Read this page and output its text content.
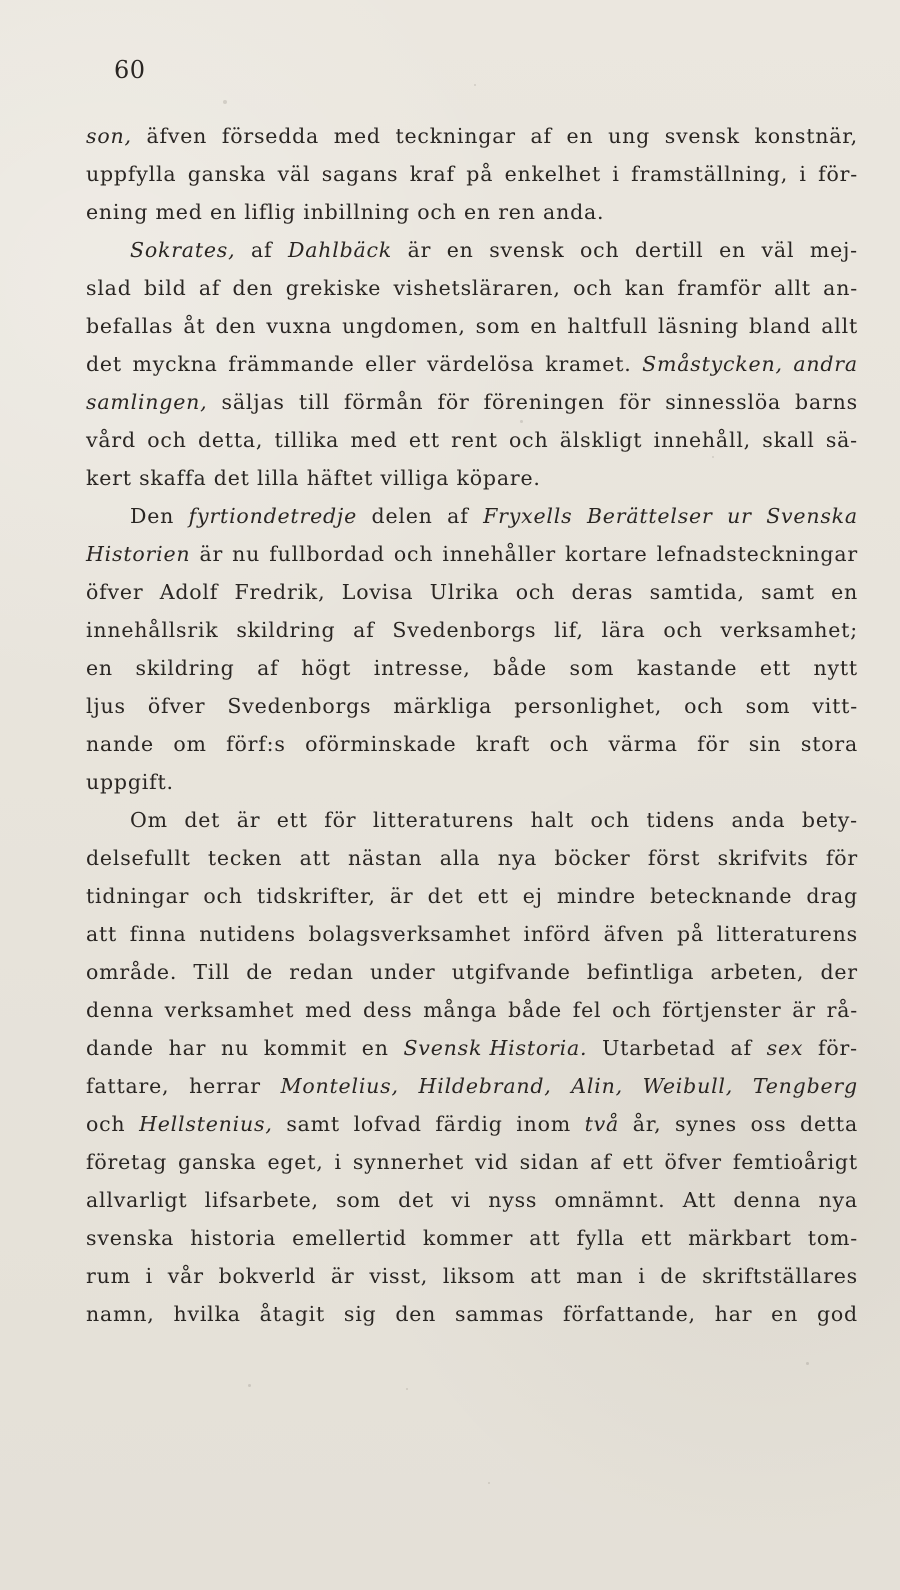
60
son, äfven försedda med teckningar af en ung svensk konstnär,
uppfylla ganska väl sagans kraf på enkelhet i framställning, i för-
ening med en liflig inbillning och en ren anda.
Sokrates, af Dahlbäck är en svensk och dertill en väl mej-
slad bild af den grekiske vishetsläraren, och kan framför allt an-
befallas åt den vuxna ungdomen, som en haltfull läsning bland allt
det myckna främmande eller värdelösa kramet. Småstycken, andra
samlingen, säljas till förmån för föreningen för sinnesslöa barns
vård och detta, tillika med ett rent och älskligt innehåll, skall sä-
kert skaffa det lilla häftet villiga köpare.
Den fyrtiondetredje delen af Fryxells Berättelser ur Svenska
Historien är nu fullbordad och innehåller kortare lefnadsteckningar
öfver Adolf Fredrik, Lovisa Ulrika och deras samtida, samt en
innehållsrik skildring af Svedenborgs lif, lära och verksamhet;
en skildring af högt intresse, både som kastande ett nytt
ljus öfver Svedenborgs märkliga personlighet, och som vitt-
nande om förf:s oförminskade kraft och värma för sin stora
uppgift.
Om det är ett för litteraturens halt och tidens anda bety-
delsefullt tecken att nästan alla nya böcker först skrifvits för
tidningar och tidskrifter, är det ett ej mindre betecknande drag
att finna nutidens bolagsverksamhet införd äfven på litteraturens
område. Till de redan under utgifvande befintliga arbeten, der
denna verksamhet med dess många både fel och förtjenster är rå-
dande har nu kommit en Svensk Historia. Utarbetad af sex för-
fattare, herrar Montelius, Hildebrand, Alin, Weibull, Tengberg
och Hellstenius, samt lofvad färdig inom två år, synes oss detta
företag ganska eget, i synnerhet vid sidan af ett öfver femtioårigt
allvarligt lifsarbete, som det vi nyss omnämnt. Att denna nya
svenska historia emellertid kommer att fylla ett märkbart tom-
rum i vår bokverld är visst, liksom att man i de skriftställares
namn, hvilka åtagit sig den sammas författande, har en god
